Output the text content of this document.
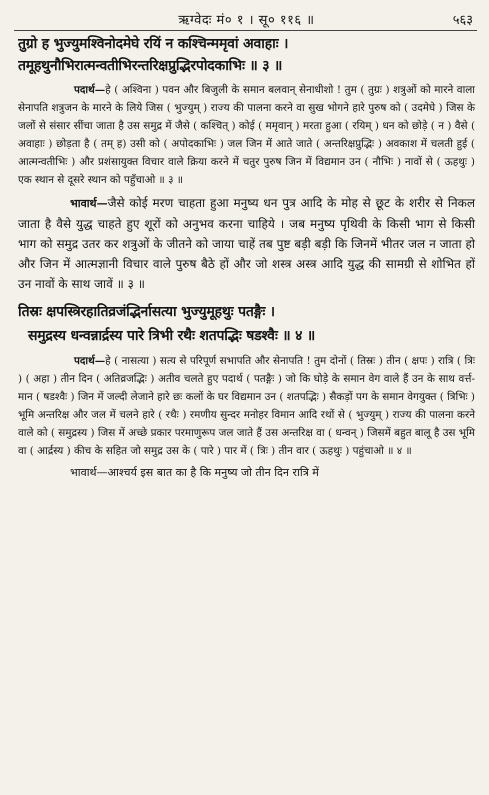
ऋग्वेदः मं० १ । सू० ११६ ॥	५६३
तुग्रो ह भुज्युमश्विनोदमेघे रयिं न कश्चिन्ममृवां अवाहाः ।
तमूहथुनौभिरात्मन्वतीभिरन्तरिक्षप्रुद्भिरपोदकाभिः ॥ ३ ॥

पदार्थ—हे ( अश्विना ) पवन और बिजुली के समान बलवान् सेनाधीशो ! तुम ( तुग्रः ) शत्रुओं को मारने वाला सेनापति शत्रुजन के मारने के लिये जिस ( भुज्युम् ) राज्य की पालना करने वा सुख भोगने हारे पुरुष को ( उदमेघे ) जिस के जलों से संसार सींचा जाता है उस समुद्र में जैसे ( कश्चित् ) कोई ( ममृवान् ) मरता हुआ ( रयिम् ) धन को छोड़े ( न ) वैसे ( अवाहाः ) छोड़ता है ( तम् ह) उसी को ( अपोदकाभिः ) जल जिन में आते जाते ( अन्तरिक्षप्रुद्भिः ) अवकाश में चलती हुई ( आत्मन्वतीभिः ) और प्रशंसायुक्त विचार वाले क्रिया करने में चतुर पुरुष जिन में विद्यमान उन ( नौभिः ) नावों से ( ऊहथुः ) एक स्थान से दूसरे स्थान को पहुँचाओ ॥ ३ ॥

भावार्थ—जैसे कोई मरण चाहता हुआ मनुष्य धन पुत्र आदि के मोह से छूट के शरीर से निकल जाता है वैसे युद्ध चाहते हुए शूरों को अनुभव करना चाहिये । जब मनुष्य पृथिवी के किसी भाग से किसी भाग को समुद्र उतर कर शत्रुओं के जीतने को जाया चाहें तब पुष्ट बड़ी बड़ी कि जिनमें भीतर जल न जाता हो और जिन में आत्मज्ञानी विचार वाले पुरुष बैठे हों और जो शस्त्र अस्त्र आदि युद्ध की सामग्री से शोभित हों उन नावों के साथ जावें ॥ ३ ॥

तिस्रः क्षपस्त्रिरहातिव्रजंद्भिर्नासत्या भुज्युमूहथुः पतङ्गैः ।
समुद्रस्य धन्वन्नार्द्रस्य पारे त्रिभी रथैः शतपद्भिः षडश्वैः ॥ ४ ॥

पदार्थ—हे ( नासत्या ) सत्य से परिपूर्ण सभापति और सेनापति ! तुम दोनों ( तिस्रः ) तीन ( क्षपः ) रात्रि ( त्रिः ) ( अहा ) तीन दिन ( अतिव्रजद्भिः ) अतीव चलते हुए पदार्थ ( पतङ्गैः ) जो कि घोड़े के समान वेग वाले हैं उन के साथ वर्त्त- मान ( षडश्वैः ) जिन में जल्दी लेजाने हारे छः कलों के घर विद्यमान उन ( शतपद्भिः ) सैकड़ों पग के समान वेगयुक्त ( त्रिभिः ) भूमि अन्तरिक्ष और जल में चलने हारे ( रथैः ) रमणीय सुन्दर मनोहर विमान आदि रथों से ( भुज्युम् ) राज्य की पालना करने वाले को ( समुद्रस्य ) जिस में अच्छे प्रकार परमाणुरूप जल जाते हैं उस अन्तरिक्ष वा ( धन्वन् ) जिसमें बहुत बालू है उस भूमि वा ( आर्द्रस्य ) कीच के सहित जो समुद्र उस के ( पारे ) पार में ( त्रिः ) तीन वार ( ऊहथुः ) पहुंचाओ ॥ ४ ॥

भावार्थ—आश्चर्य इस बात का है कि मनुष्य जो तीन दिन रात्रि में
